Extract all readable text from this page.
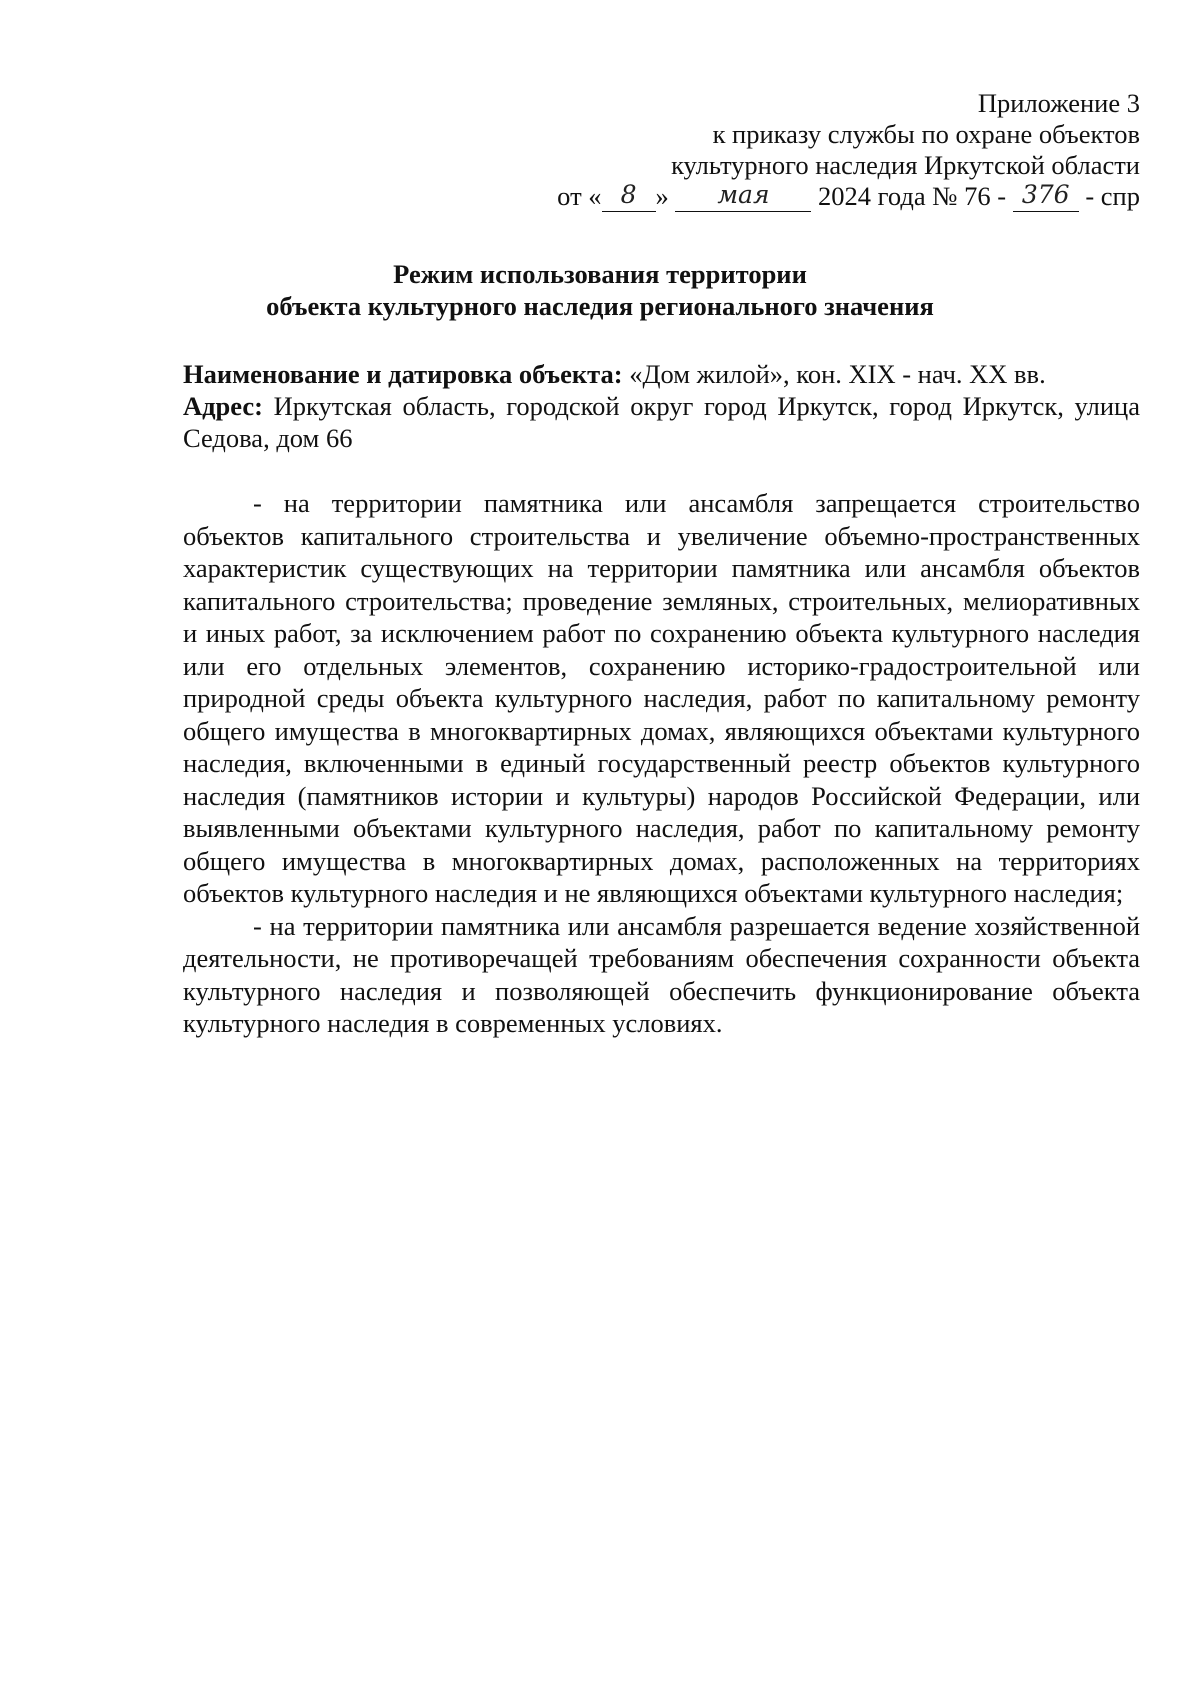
Приложение 3
к приказу службы по охране объектов
культурного наследия Иркутской области
от « 8 » мая 2024 года № 76 - 376 - спр
Режим использования территории
объекта культурного наследия регионального значения
Наименование и датировка объекта: «Дом жилой», кон. XIX - нач. XX вв.
Адрес: Иркутская область, городской округ город Иркутск, город Иркутск, улица Седова, дом 66

- на территории памятника или ансамбля запрещается строительство объектов капитального строительства и увеличение объемно-пространственных характеристик существующих на территории памятника или ансамбля объектов капитального строительства; проведение земляных, строительных, мелиоративных и иных работ, за исключением работ по сохранению объекта культурного наследия или его отдельных элементов, сохранению историко-градостроительной или природной среды объекта культурного наследия, работ по капитальному ремонту общего имущества в многоквартирных домах, являющихся объектами культурного наследия, включенными в единый государственный реестр объектов культурного наследия (памятников истории и культуры) народов Российской Федерации, или выявленными объектами культурного наследия, работ по капитальному ремонту общего имущества в многоквартирных домах, расположенных на территориях объектов культурного наследия и не являющихся объектами культурного наследия;

- на территории памятника или ансамбля разрешается ведение хозяйственной деятельности, не противоречащей требованиям обеспечения сохранности объекта культурного наследия и позволяющей обеспечить функционирование объекта культурного наследия в современных условиях.
